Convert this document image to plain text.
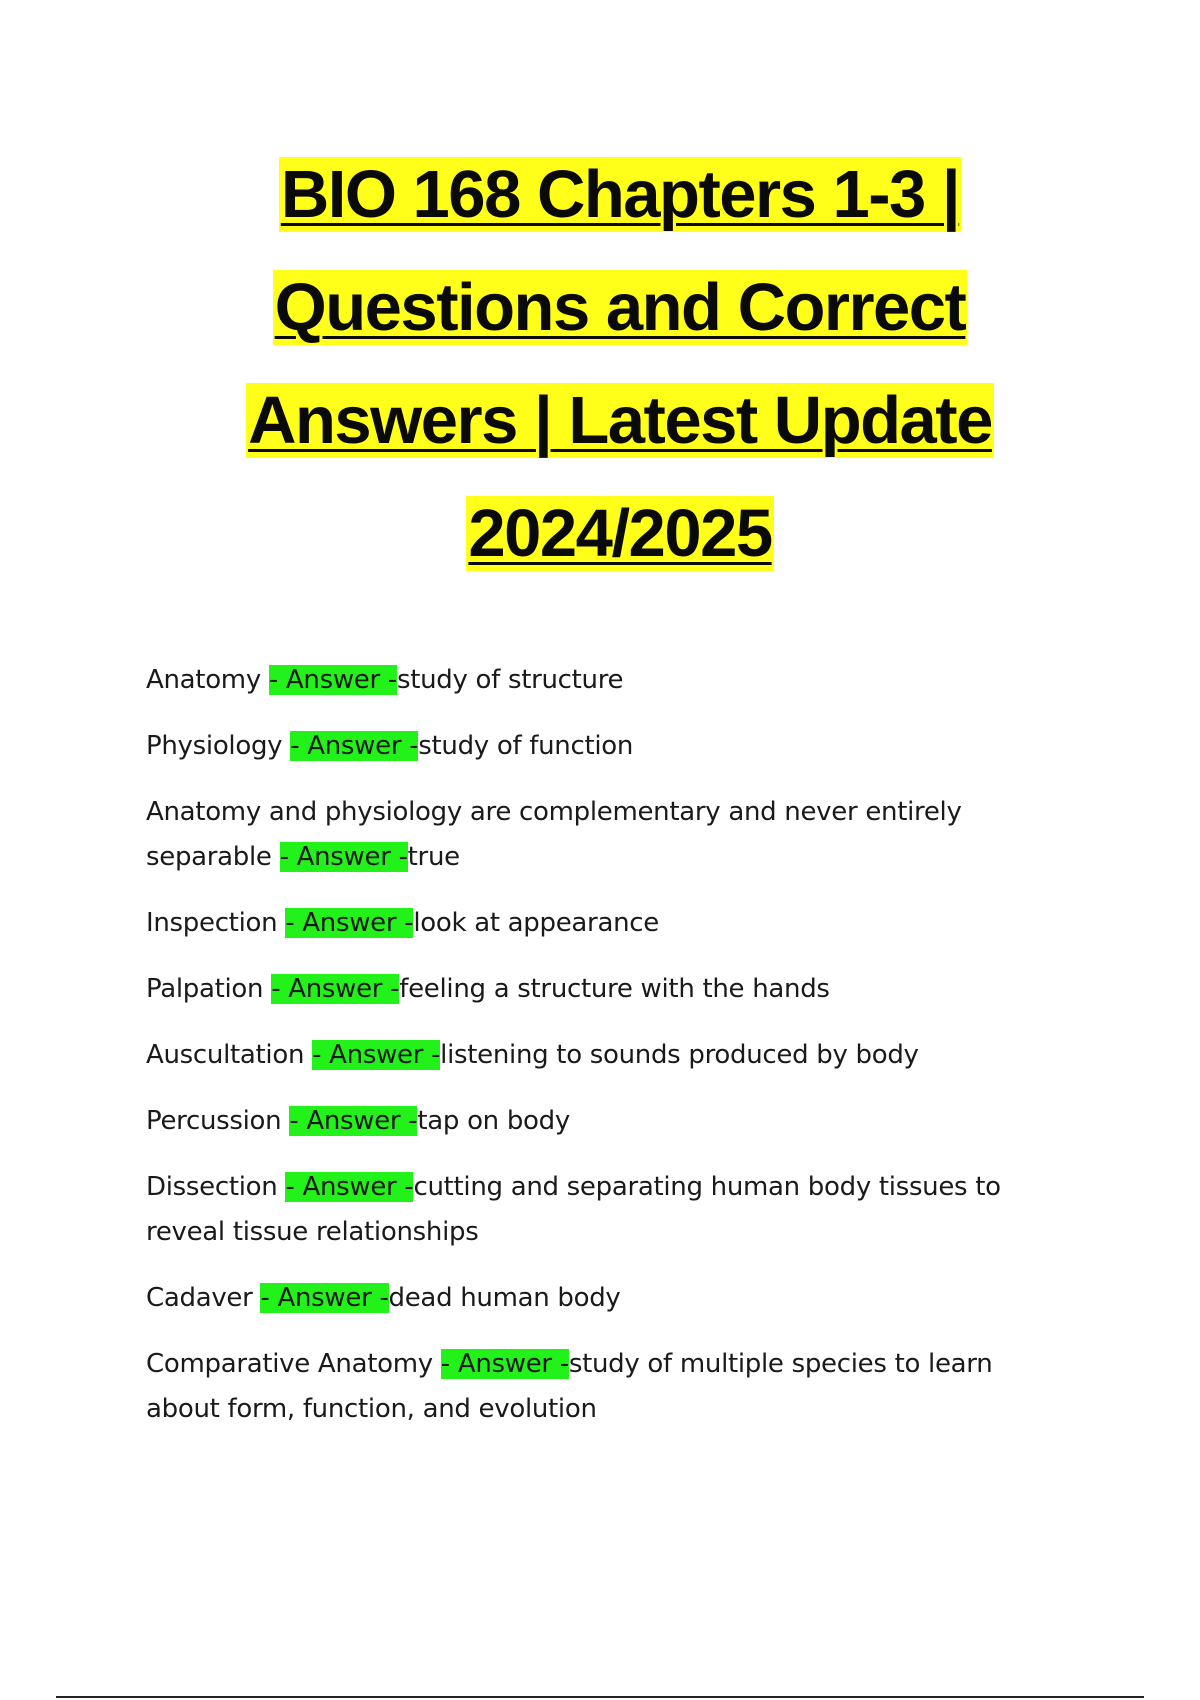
BIO 168 Chapters 1-3 |
Questions and Correct
Answers | Latest Update
2024/2025
Anatomy - Answer -study of structure
Physiology - Answer -study of function
Anatomy and physiology are complementary and never entirely separable - Answer -true
Inspection - Answer -look at appearance
Palpation - Answer -feeling a structure with the hands
Auscultation - Answer -listening to sounds produced by body
Percussion - Answer -tap on body
Dissection - Answer -cutting and separating human body tissues to reveal tissue relationships
Cadaver - Answer -dead human body
Comparative Anatomy - Answer -study of multiple species to learn about form, function, and evolution
